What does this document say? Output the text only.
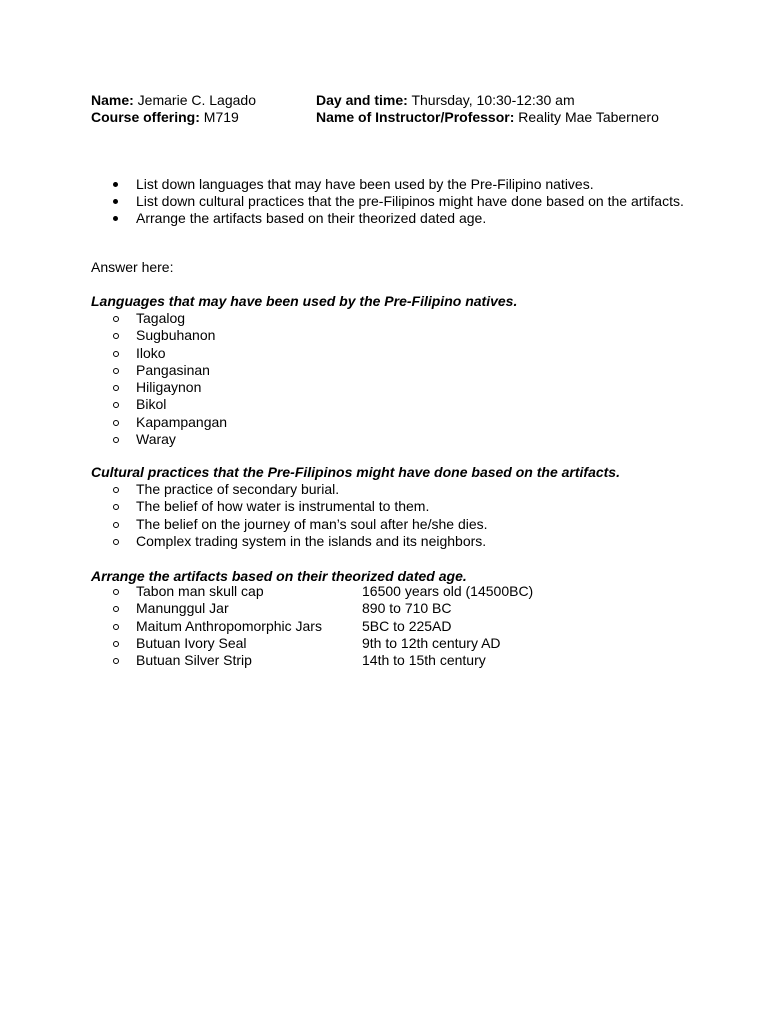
Name: Jemarie C. Lagado	Day and time: Thursday, 10:30-12:30 am
Course offering: M719	Name of Instructor/Professor: Reality Mae Tabernero
List down languages that may have been used by the Pre-Filipino natives.
List down cultural practices that the pre-Filipinos might have done based on the artifacts.
Arrange the artifacts based on their theorized dated age.
Answer here:
Languages that may have been used by the Pre-Filipino natives.
Tagalog
Sugbuhanon
Iloko
Pangasinan
Hiligaynon
Bikol
Kapampangan
Waray
Cultural practices that the Pre-Filipinos might have done based on the artifacts.
The practice of secondary burial.
The belief of how water is instrumental to them.
The belief on the journey of man’s soul after he/she dies.
Complex trading system in the islands and its neighbors.
Arrange the artifacts based on their theorized dated age.
Tabon man skull cap	16500 years old (14500BC)
Manunggul Jar	890 to 710 BC
Maitum Anthropomorphic Jars	5BC to 225AD
Butuan Ivory Seal	9th to 12th century AD
Butuan Silver Strip	14th to 15th century
